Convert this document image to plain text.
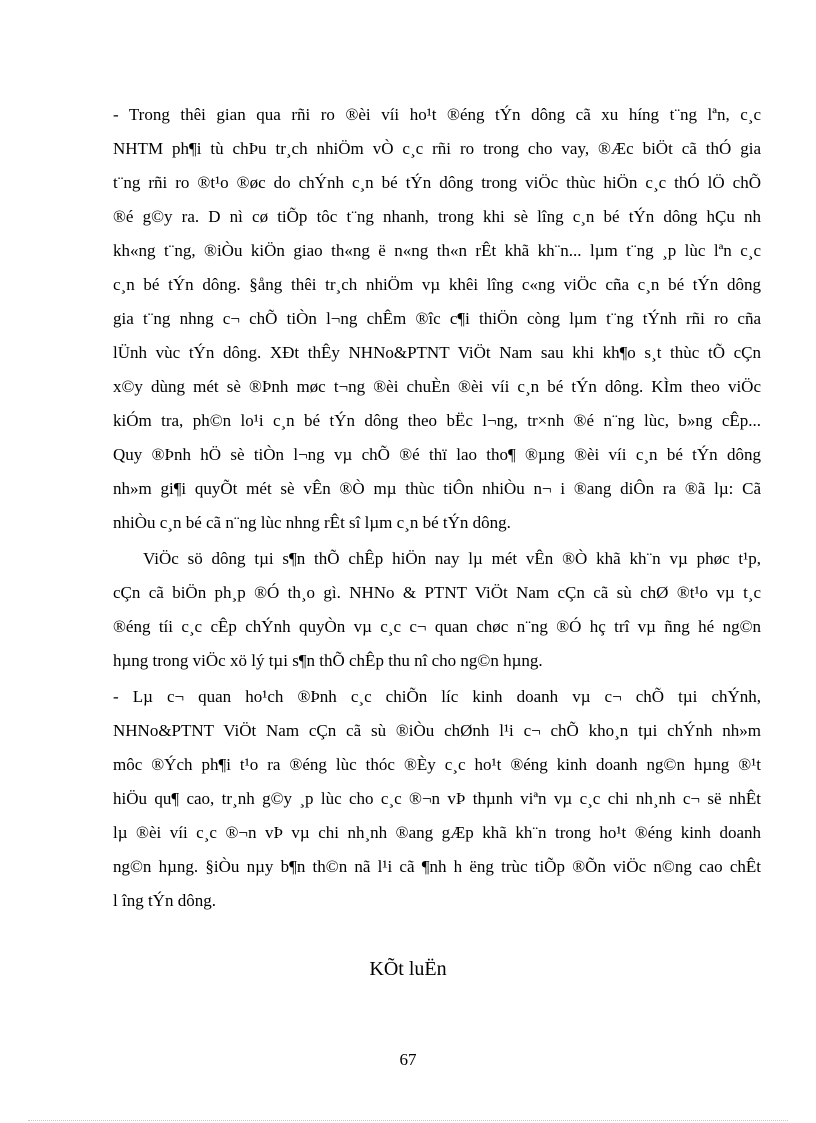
- Trong thêi gian qua rñi ro ®èi víi ho¹t ®éng tÝn dông cã xu híng t¨ng lªn, c¸c
NHTM ph¶i tù chÞu tr¸ch nhiÖm vÒ c¸c rñi ro trong cho vay, ®Æc biÖt cã thÓ gia
t¨ng rñi ro ®t¹o ®øc do chÝnh c¸n bé tÝn dông trong viÖc thùc hiÖn c¸c thÓ lÖ chÕ
®é g©y ra. D nì cø tiÕp tôc t¨ng nhanh, trong khi sè lîng c¸n bé tÝn dông hÇu nh
kh«ng t¨ng, ®iÒu kiÖn giao th«ng ë n«ng th«n rÊt khã kh¨n... lµm t¨ng ¸p lùc lªn c¸c
c¸n bé tÝn dông. §ång thêi tr¸ch nhiÖm vµ khêi lîng c«ng viÖc cña c¸n bé tÝn dông
gia t¨ng nhng c¬ chÕ tiÒn l¬ng chÊm ®îc c¶i thiÖn còng lµm t¨ng tÝnh rñi ro cña
lÜnh vùc tÝn dông. XÐt thÊy NHNo&PTNT ViÖt Nam sau khi kh¶o s¸t thùc tÕ cÇn
x©y dùng mét sè ®Þnh møc t¬ng ®èi chuÈn ®èi víi c¸n bé tÝn dông. KÌm theo viÖc
kiÓm tra, ph©n lo¹i c¸n bé tÝn dông theo bËc l¬ng, tr×nh ®é n¨ng lùc, b»ng cÊp...
Quy ®Þnh hÖ sè tiÒn l¬ng vµ chÕ ®é thï lao tho¶ ®µng ®èi víi c¸n bé tÝn dông
nh»m gi¶i quyÕt mét sè vÊn ®Ò mµ thùc tiÔn nhiÒu n¬ i ®ang diÔn ra ®ã lµ: Cã
nhiÒu c¸n bé cã n¨ng lùc nhng rÊt sî lµm c¸n bé tÝn dông.
ViÖc sö dông tµi s¶n thÕ chÊp hiÖn nay lµ mét vÊn ®Ò khã kh¨n vµ phøc t¹p,
cÇn cã biÖn ph¸p ®Ó th¸o gì. NHNo & PTNT ViÖt Nam cÇn cã sù chØ ®t¹o vµ t¸c
®éng tíi c¸c cÊp chÝnh quyÒn vµ c¸c c¬ quan chøc n¨ng ®Ó hç trî vµ ñng hé ng©n
hµng trong viÖc xö lý tµi s¶n thÕ chÊp thu nî cho ng©n hµng.
- Lµ c¬ quan ho¹ch ®Þnh c¸c chiÕn líc kinh doanh vµ c¬ chÕ tµi chÝnh,
NHNo&PTNT ViÖt Nam cÇn cã sù ®iÒu chØnh l¹i c¬ chÕ kho¸n tµi chÝnh nh»m
môc ®Ých ph¶i t¹o ra ®éng lùc thóc ®Èy c¸c ho¹t ®éng kinh doanh ng©n hµng ®¹t
hiÖu qu¶ cao, tr¸nh g©y ¸p lùc cho c¸c ®¬n vÞ thµnh viªn vµ c¸c chi nh¸nh c¬ së nhÊt
lµ ®èi víi c¸c ®¬n vÞ vµ chi nh¸nh ®ang gÆp khã kh¨n trong ho¹t ®éng kinh doanh
ng©n hµng. §iÒu nµy b¶n th©n nã l¹i cã ¶nh h ëng trùc tiÕp ®Õn viÖc n©ng cao chÊt
l îng tÝn dông.
KÕt luËn
67
